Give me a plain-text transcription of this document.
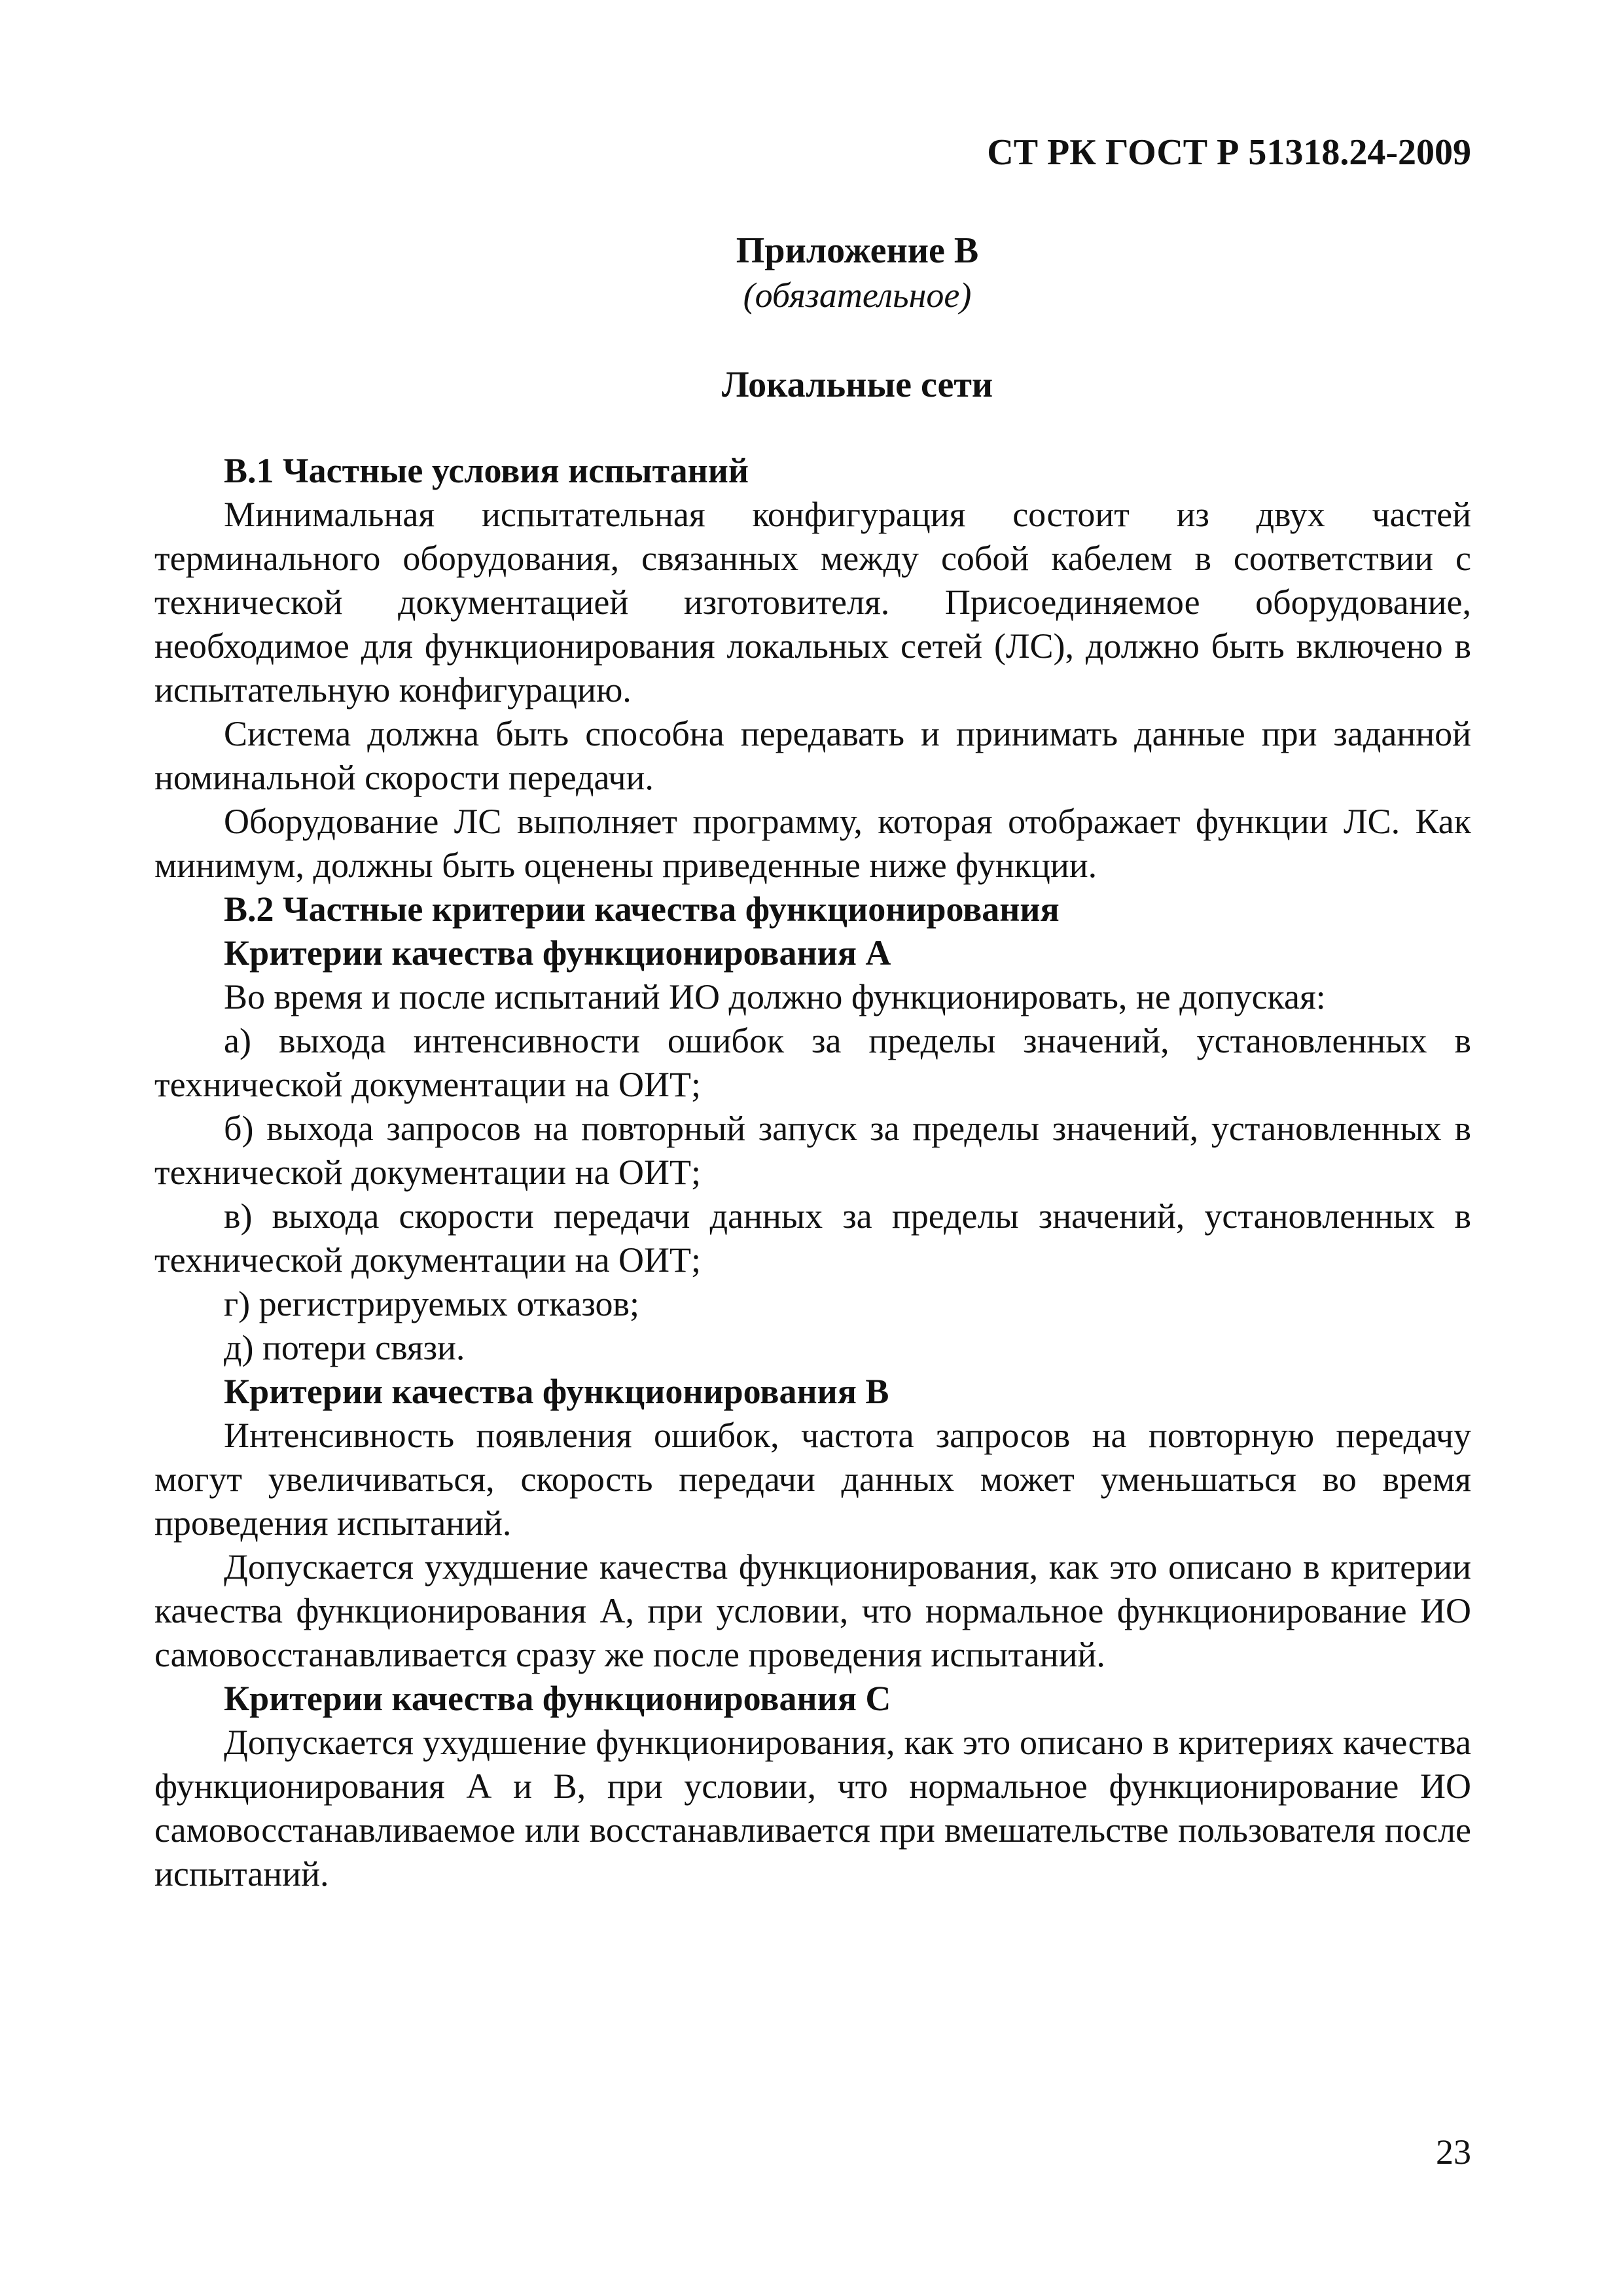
СТ РК ГОСТ Р 51318.24-2009
Приложение В
(обязательное)
Локальные сети

В.1 Частные условия испытаний

Минимальная испытательная конфигурация состоит из двух частей терминального оборудования, связанных между собой кабелем в соответствии с технической документацией изготовителя. Присоединяемое оборудование, необходимое для функционирования локальных сетей (ЛС), должно быть включено в испытательную конфигурацию.

Система должна быть способна передавать и принимать данные при заданной номинальной скорости передачи.

Оборудование ЛС выполняет программу, которая отображает функции ЛС. Как минимум, должны быть оценены приведенные ниже функции.

В.2 Частные критерии качества функционирования

Критерии качества функционирования А

Во время и после испытаний ИО должно функционировать, не допуская:

а) выхода интенсивности ошибок за пределы значений, установленных в технической документации на ОИТ;

б) выхода запросов на повторный запуск за пределы значений, установленных в технической документации на ОИТ;

в) выхода скорости передачи данных за пределы значений, установленных в технической документации на ОИТ;

г) регистрируемых отказов;

д) потери связи.

Критерии качества функционирования В

Интенсивность появления ошибок, частота запросов на повторную передачу могут увеличиваться, скорость передачи данных может уменьшаться во время проведения испытаний.

Допускается ухудшение качества функционирования, как это описано в критерии качества функционирования А, при условии, что нормальное функционирование ИО самовосстанавливается сразу же после проведения испытаний.

Критерии качества функционирования С

Допускается ухудшение функционирования, как это описано в критериях качества функционирования А и В, при условии, что нормальное функционирование ИО самовосстанавливаемое или восстанавливается при вмешательстве пользователя после испытаний.

23
